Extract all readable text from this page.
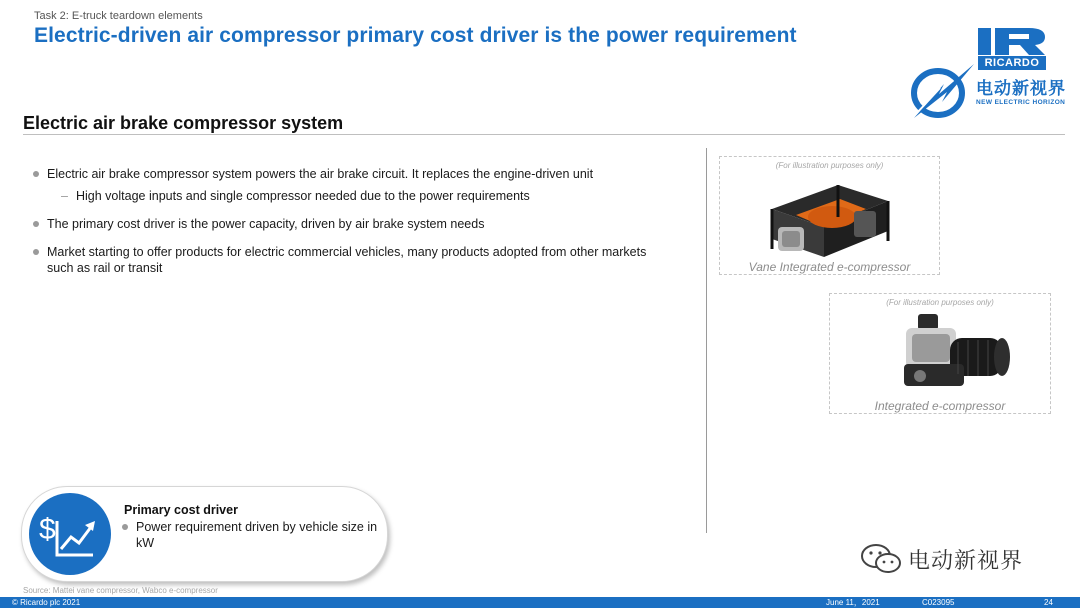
Task 2: E-truck teardown elements
Electric-driven air compressor primary cost driver is the power requirement
RICARDO
电动新视界
NEW ELECTRIC HORIZON
Electric air brake compressor system
Electric air brake compressor system powers the air brake circuit. It replaces the engine-driven unit
– High voltage inputs and single compressor needed due to the power requirements
The primary cost driver is the power capacity, driven by air brake system needs
Market starting to offer products for electric commercial vehicles, many products adopted from other markets such as rail or transit
(For illustration purposes only)
Vane Integrated e-compressor
(For illustration purposes only)
Integrated e-compressor
$
Primary cost driver
Power requirement driven by vehicle size in kW
Source: Mattei vane compressor, Wabco e-compressor
电动新视界
© Ricardo plc 2021	June 11，2021	C023095	24
